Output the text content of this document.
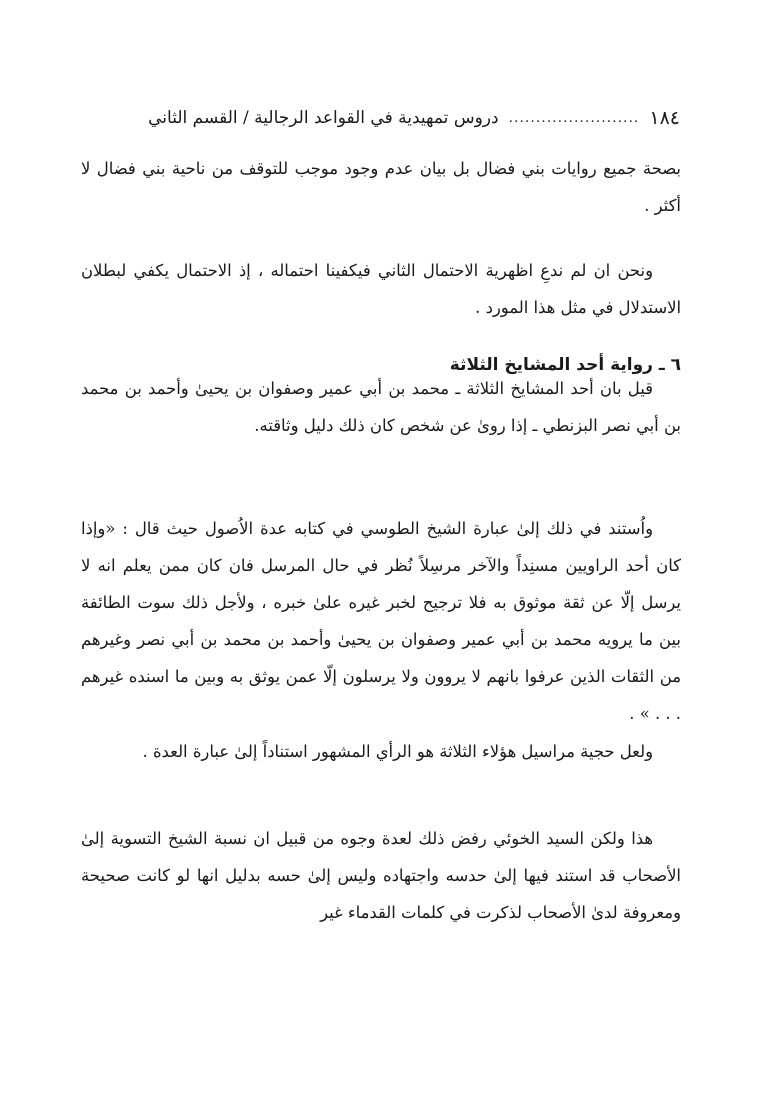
١٨٤
........................
دروس تمهيدية في القواعد الرجالية / القسم الثاني

بصحة جميع روايات بني فضال بل بيان عدم وجود موجب للتوقف من ناحية بني فضال لا أكثر .

ونحن ان لم ندعِ اظهرية الاحتمال الثاني فيكفينا احتماله ، إذ الاحتمال يكفي لبطلان الاستدلال في مثل هذا المورد .

٦ ـ رواية أحد المشايخ الثلاثة

قيل بان أحد المشايخ الثلاثة ـ محمد بن أبي عمير وصفوان بن يحيىٰ وأحمد بن محمد بن أبي نصر البزنطي ـ إذا روىٰ عن شخص كان ذلك دليل وثاقته.

واُستند في ذلك إلىٰ عبارة الشيخ الطوسي في كتابه عدة الاُصول حيث قال : «وإذا كان أحد الراويين مسنِداً والآخر مرسِلاً نُظر في حال المرسل فان كان ممن يعلم انه لا يرسل إلّا عن ثقة موثوق به فلا ترجيح لخبر غيره علىٰ خبره ، ولأجل ذلك سوت الطائفة بين ما يرويه محمد بن أبي عمير وصفوان بن يحيىٰ وأحمد بن محمد بن أبي نصر وغيرهم من الثقات الذين عرفوا بانهم لا يروون ولا يرسلون إلّا عمن يوثق به وبين ما اسنده غيرهم . . . » .

ولعل حجية مراسيل هؤلاء الثلاثة هو الرأي المشهور استناداً إلىٰ عبارة العدة .

هذا ولكن السيد الخوئي رفض ذلك لعدة وجوه من قبيل ان نسبة الشيخ التسوية إلىٰ الأصحاب قد استند فيها إلىٰ حدسه واجتهاده وليس إلىٰ حسه بدليل انها لو كانت صحيحة ومعروفة لدىٰ الأصحاب لذكرت في كلمات القدماء غير
